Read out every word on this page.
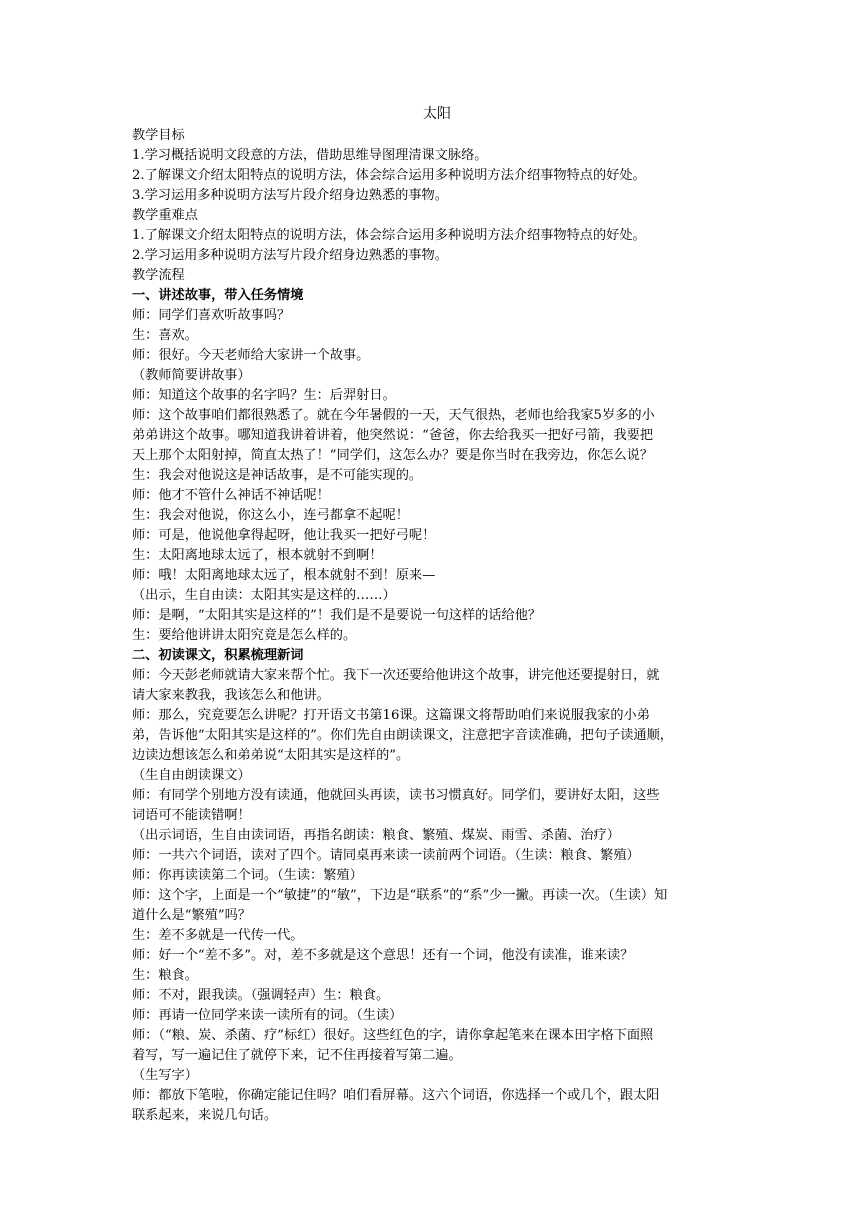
太阳
教学目标
1.学习概括说明文段意的方法，借助思维导图理清课文脉络。
2.了解课文介绍太阳特点的说明方法，体会综合运用多种说明方法介绍事物特点的好处。
3.学习运用多种说明方法写片段介绍身边熟悉的事物。
教学重难点
1.了解课文介绍太阳特点的说明方法，体会综合运用多种说明方法介绍事物特点的好处。
2.学习运用多种说明方法写片段介绍身边熟悉的事物。
教学流程
一、讲述故事，带入任务情境
师：同学们喜欢听故事吗？
生：喜欢。
师：很好。今天老师给大家讲一个故事。
（教师简要讲故事）
师：知道这个故事的名字吗？生：后羿射日。
师：这个故事咱们都很熟悉了。就在今年暑假的一天，天气很热，老师也给我家5岁多的小
弟弟讲这个故事。哪知道我讲着讲着，他突然说：“爸爸，你去给我买一把好弓箭，我要把
天上那个太阳射掉，简直太热了！”同学们，这怎么办？要是你当时在我旁边，你怎么说？
生：我会对他说这是神话故事，是不可能实现的。
师：他才不管什么神话不神话呢！
生：我会对他说，你这么小，连弓都拿不起呢！
师：可是，他说他拿得起呀，他让我买一把好弓呢！
生：太阳离地球太远了，根本就射不到啊！
师：哦！太阳离地球太远了，根本就射不到！原来—
（出示，生自由读：太阳其实是这样的……）
师：是啊，“太阳其实是这样的”！我们是不是要说一句这样的话给他？
生：要给他讲讲太阳究竟是怎么样的。
二、初读课文，积累梳理新词
师：今天彭老师就请大家来帮个忙。我下一次还要给他讲这个故事，讲完他还要提射日，就
请大家来教我，我该怎么和他讲。
师：那么，究竟要怎么讲呢？打开语文书第16课。这篇课文将帮助咱们来说服我家的小弟
弟，告诉他“太阳其实是这样的”。你们先自由朗读课文，注意把字音读准确，把句子读通顺，
边读边想该怎么和弟弟说“太阳其实是这样的”。
（生自由朗读课文）
师：有同学个别地方没有读通，他就回头再读，读书习惯真好。同学们，要讲好太阳，这些
词语可不能读错啊！
（出示词语，生自由读词语，再指名朗读：粮食、繁殖、煤炭、雨雪、杀菌、治疗）
师：一共六个词语，读对了四个。请同桌再来读一读前两个词语。（生读：粮食、繁殖）
师：你再读读第二个词。（生读：繁殖）
师：这个字，上面是一个“敏捷”的“敏”，下边是“联系”的“系”少一撇。再读一次。（生读）知
道什么是“繁殖”吗？
生：差不多就是一代传一代。
师：好一个“差不多”。对，差不多就是这个意思！还有一个词，他没有读准，谁来读？
生：粮食。
师：不对，跟我读。（强调轻声）生：粮食。
师：再请一位同学来读一读所有的词。（生读）
师：（“粮、炭、杀菌、疗”标红）很好。这些红色的字，请你拿起笔来在课本田字格下面照
着写，写一遍记住了就停下来，记不住再接着写第二遍。
（生写字）
师：都放下笔啦，你确定能记住吗？咱们看屏幕。这六个词语，你选择一个或几个，跟太阳
联系起来，来说几句话。
